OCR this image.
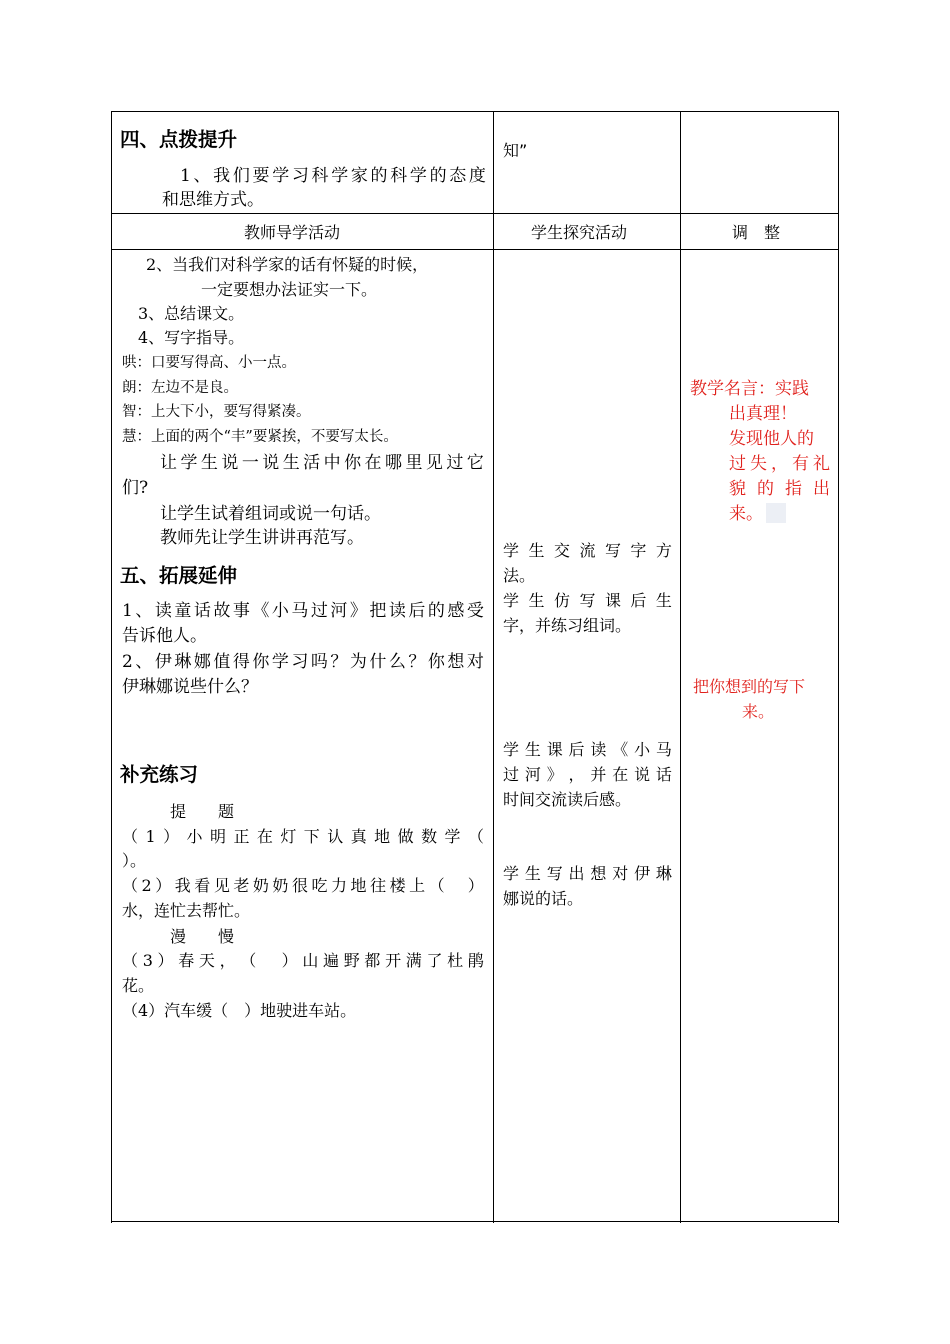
四、点拨提升
1 、 我 们 要 学 习 科 学 家 的 科 学 的 态 度
和思维方式。
知”
教师导学活动	学生探究活动	调　整
2、当我们对科学家的话有怀疑的时候，
一定要想办法证实一下。
3、总结课文。
4、写字指导。
哄：口要写得高、小一点。
朗：左边不是良。
智：上大下小，要写得紧凑。
慧：上面的两个“丰”要紧挨，不要写太长。
让 学 生 说 一 说 生 活 中 你 在 哪 里 见 过 它
们?
让学生试着组词或说一句话。
教师先让学生讲讲再范写。
五、拓展延伸
1 、 读 童 话 故 事 《 小 马 过 河 》 把 读 后 的 感 受
告诉他人。
2 、 伊 琳 娜 值 得 你 学 习 吗 ？ 为 什 么 ？ 你 想 对
伊琳娜说些什么？
补充练习
提　　题
（ 1 ） 小 明 正 在 灯 下 认 真 地 做 数 学 （
）。
（ 2 ） 我 看 见 老 奶 奶 很 吃 力 地 往 楼 上 （
　 ）
水，连忙去帮忙。
漫　　慢
（ 3 ） 春 天 ， （
　 ） 山 遍 野 都 开 满 了 杜 鹃
花。
（4）汽车缓（　）地驶进车站。
学 生 交 流 写 字 方
法。
学 生 仿 写 课 后 生
字，并练习组词。
学 生 课 后 读 《 小 马
过 河 》 ， 并 在 说 话
时间交流读后感。
学 生 写 出 想 对 伊 琳
娜说的话。
教学名言：实践
出真理！
发现他人的
过 失 ， 有 礼
貌 的 指 出
来。
把你想到的写下
来。
